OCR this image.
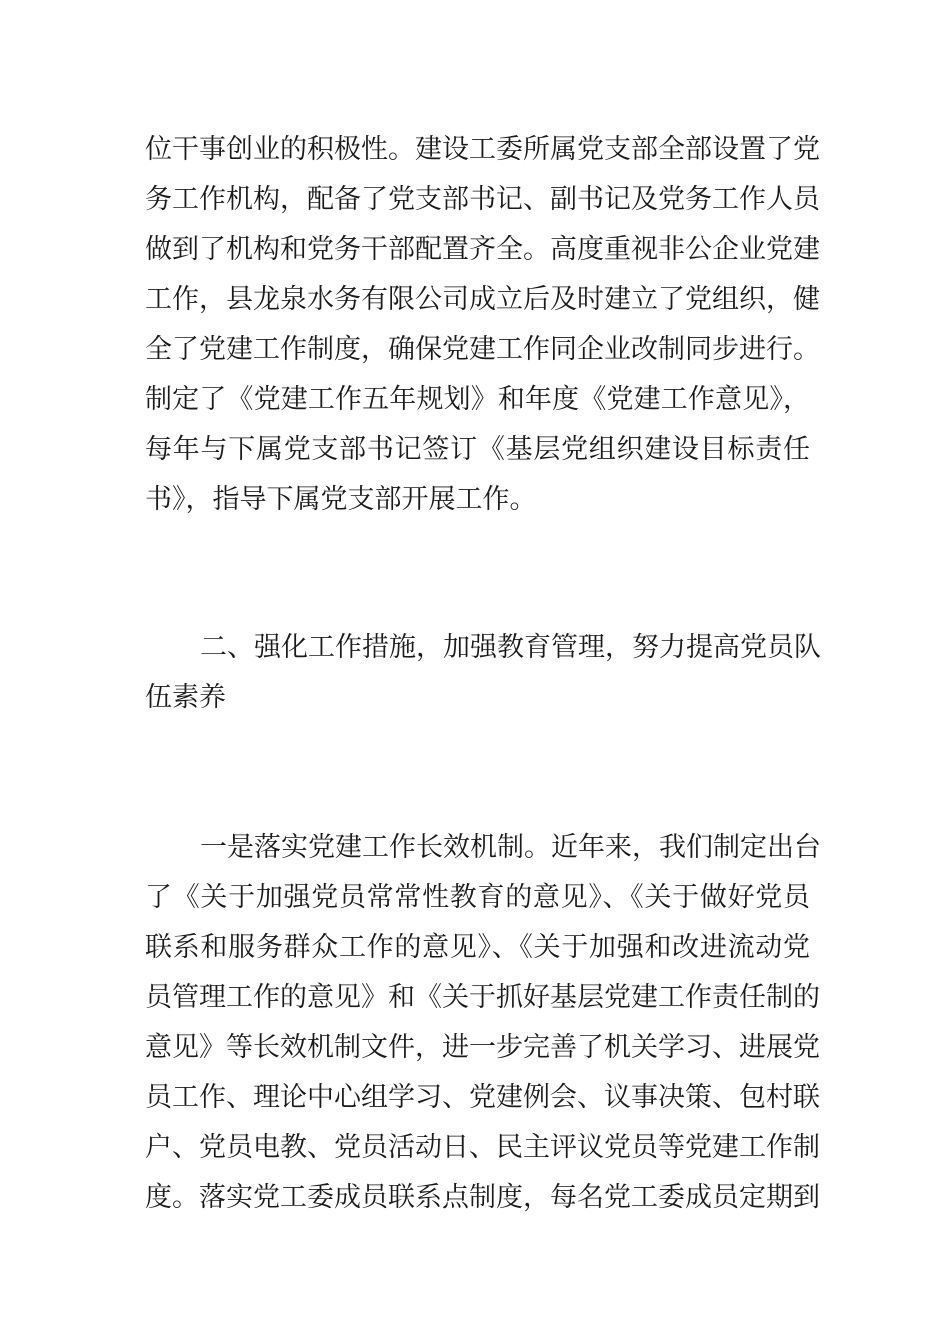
位干事创业的积极性。建设工委所属党支部全部设置了党
务工作机构，配备了党支部书记、副书记及党务工作人员
做到了机构和党务干部配置齐全。高度重视非公企业党建
工作，县龙泉水务有限公司成立后及时建立了党组织，健
全了党建工作制度，确保党建工作同企业改制同步进行。
制定了《党建工作五年规划》和年度《党建工作意见》，
每年与下属党支部书记签订《基层党组织建设目标责任
书》，指导下属党支部开展工作。
二、强化工作措施，加强教育管理，努力提高党员队
伍素养
一是落实党建工作长效机制。近年来，我们制定出台
了《关于加强党员常常性教育的意见》、《关于做好党员
联系和服务群众工作的意见》、《关于加强和改进流动党
员管理工作的意见》和《关于抓好基层党建工作责任制的
意见》等长效机制文件，进一步完善了机关学习、进展党
员工作、理论中心组学习、党建例会、议事决策、包村联
户、党员电教、党员活动日、民主评议党员等党建工作制
度。落实党工委成员联系点制度，每名党工委成员定期到
